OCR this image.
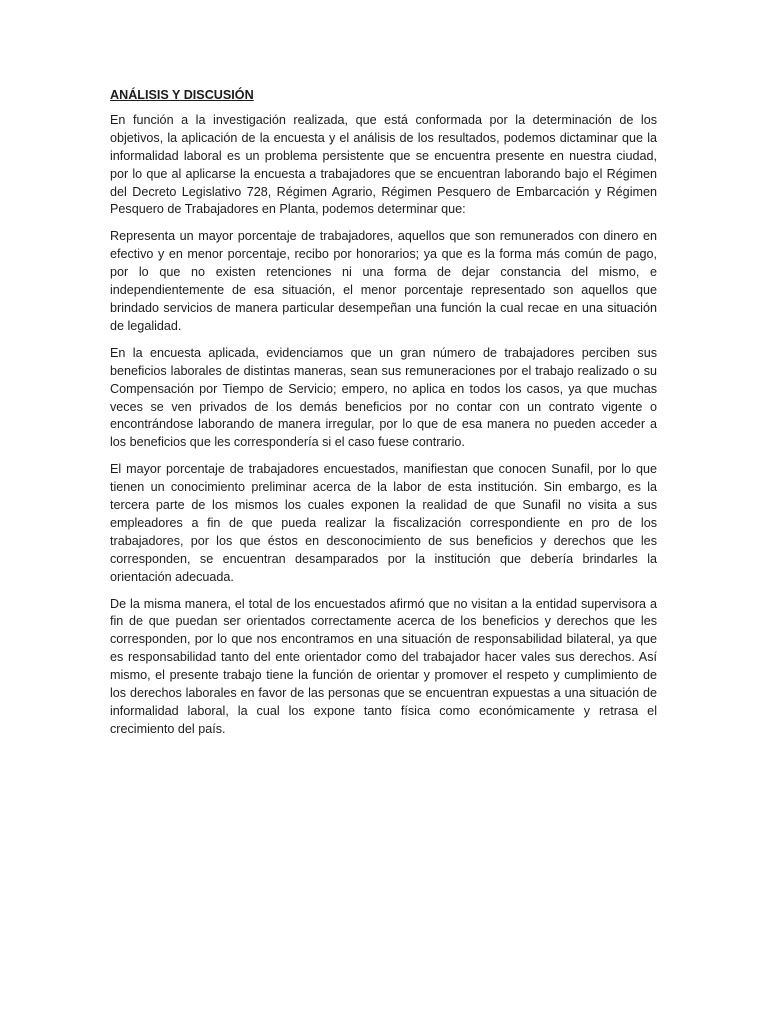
ANÁLISIS Y DISCUSIÓN

En función a la investigación realizada, que está conformada por la determinación de los objetivos, la aplicación de la encuesta y el análisis de los resultados, podemos dictaminar que la informalidad laboral es un problema persistente que se encuentra presente en nuestra ciudad, por lo que al aplicarse la encuesta a trabajadores que se encuentran laborando bajo el Régimen del Decreto Legislativo 728, Régimen Agrario, Régimen Pesquero de Embarcación y Régimen Pesquero de Trabajadores en Planta, podemos determinar que:

Representa un mayor porcentaje de trabajadores, aquellos que son remunerados con dinero en efectivo y en menor porcentaje, recibo por honorarios; ya que es la forma más común de pago, por lo que no existen retenciones ni una forma de dejar constancia del mismo, e independientemente de esa situación, el menor porcentaje representado son aquellos que brindado servicios de manera particular desempeñan una función la cual recae en una situación de legalidad.

En la encuesta aplicada, evidenciamos que un gran número de trabajadores perciben sus beneficios laborales de distintas maneras, sean sus remuneraciones por el trabajo realizado o su Compensación por Tiempo de Servicio; empero, no aplica en todos los casos, ya que muchas veces se ven privados de los demás beneficios por no contar con un contrato vigente o encontrándose laborando de manera irregular, por lo que de esa manera no pueden acceder a los beneficios que les correspondería si el caso fuese contrario.

El mayor porcentaje de trabajadores encuestados, manifiestan que conocen Sunafil, por lo que tienen un conocimiento preliminar acerca de la labor de esta institución. Sin embargo, es la tercera parte de los mismos los cuales exponen la realidad de que Sunafil no visita a sus empleadores a fin de que pueda realizar la fiscalización correspondiente en pro de los trabajadores, por los que éstos en desconocimiento de sus beneficios y derechos que les corresponden, se encuentran desamparados por la institución que debería brindarles la orientación adecuada.

De la misma manera, el total de los encuestados afirmó que no visitan a la entidad supervisora a fin de que puedan ser orientados correctamente acerca de los beneficios y derechos que les corresponden, por lo que nos encontramos en una situación de responsabilidad bilateral, ya que es responsabilidad tanto del ente orientador como del trabajador hacer vales sus derechos. Así mismo, el presente trabajo tiene la función de orientar y promover el respeto y cumplimiento de los derechos laborales en favor de las personas que se encuentran expuestas a una situación de informalidad laboral, la cual los expone tanto física como económicamente y retrasa el crecimiento del país.
